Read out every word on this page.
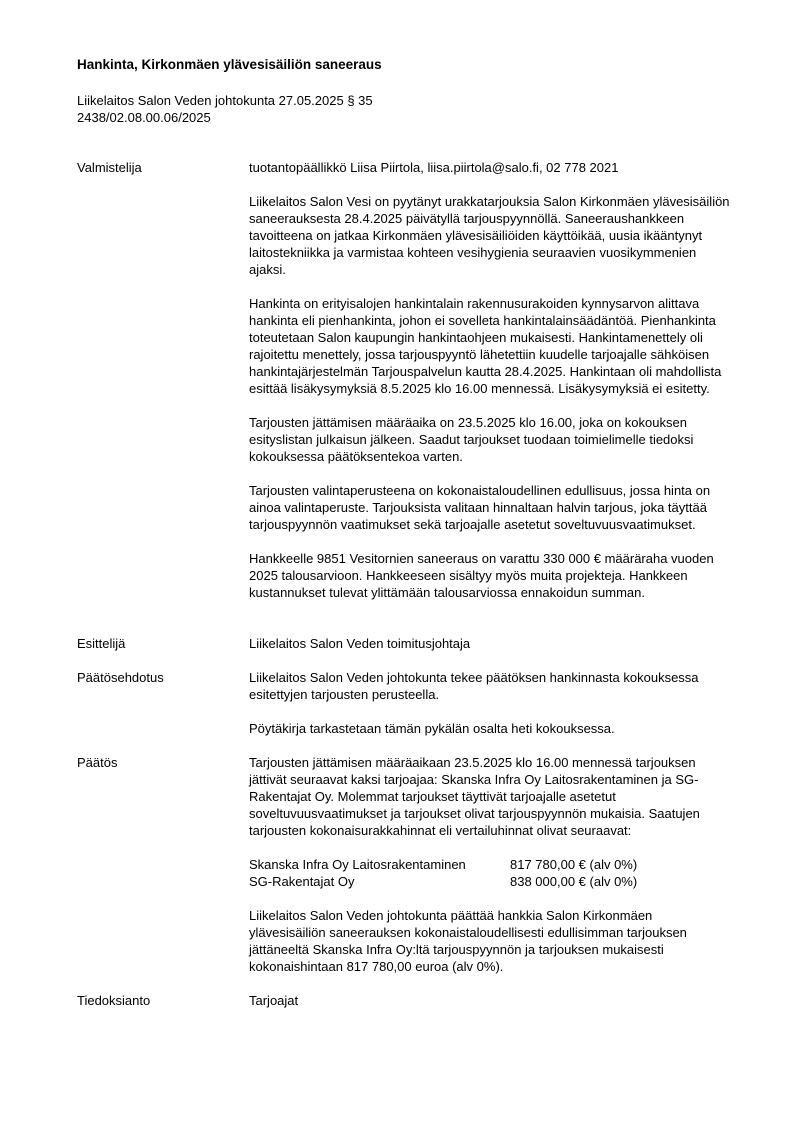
Hankinta, Kirkonmäen ylävesisäiliön saneeraus
Liikelaitos Salon Veden johtokunta 27.05.2025 § 35
2438/02.08.00.06/2025
Valmistelija	tuotantopäällikkö Liisa Piirtola, liisa.piirtola@salo.fi, 02 778 2021

Liikelaitos Salon Vesi on pyytänyt urakkatarjouksia Salon Kirkonmäen ylävesisäiliön saneerauksesta 28.4.2025 päivätyllä tarjouspyynnöllä. Saneeraushankkeen tavoitteena on jatkaa Kirkonmäen ylävesisäiliöiden käyttöikää, uusia ikääntynyt laitostekniikka ja varmistaa kohteen vesihygienia seuraavien vuosikymmenien ajaksi.

Hankinta on erityisalojen hankintalain rakennusurakoiden kynnysarvon alittava hankinta eli pienhankinta, johon ei sovelleta hankintalainsäädäntöä. Pienhankinta toteutetaan Salon kaupungin hankintaohjeen mukaisesti. Hankintamenettely oli rajoitettu menettely, jossa tarjouspyyntö lähetettiin kuudelle tarjoajalle sähköisen hankintajärjestelmän Tarjouspalvelun kautta 28.4.2025. Hankintaan oli mahdollista esittää lisäkysymyksiä 8.5.2025 klo 16.00 mennessä. Lisäkysymyksiä ei esitetty.

Tarjousten jättämisen määräaika on 23.5.2025 klo 16.00, joka on kokouksen esityslistan julkaisun jälkeen. Saadut tarjoukset tuodaan toimielimelle tiedoksi kokouksessa päätöksentekoa varten.

Tarjousten valintaperusteena on kokonaistaloudellinen edullisuus, jossa hinta on ainoa valintaperuste. Tarjouksista valitaan hinnaltaan halvin tarjous, joka täyttää tarjouspyynnön vaatimukset sekä tarjoajalle asetetut soveltuvuusvaatimukset.

Hankkeelle 9851 Vesitornien saneeraus on varattu 330 000 € määräraha vuoden 2025 talousarvioon. Hankkeeseen sisältyy myös muita projekteja. Hankkeen kustannukset tulevat ylittämään talousarviossa ennakoidun summan.

Esittelijä	Liikelaitos Salon Veden toimitusjohtaja
Päätösehdotus	Liikelaitos Salon Veden johtokunta tekee päätöksen hankinnasta kokouksessa esitettyjen tarjousten perusteella.

Pöytäkirja tarkastetaan tämän pykälän osalta heti kokouksessa.

Päätös	Tarjousten jättämisen määräaikaan 23.5.2025 klo 16.00 mennessä tarjouksen jättivät seuraavat kaksi tarjoajaa: Skanska Infra Oy Laitosrakentaminen ja SG-Rakentajat Oy. Molemmat tarjoukset täyttivät tarjoajalle asetetut soveltuvuusvaatimukset ja tarjoukset olivat tarjouspyynnön mukaisia. Saatujen tarjousten kokonaisurakkahinnat eli vertailuhinnat olivat seuraavat:

Skanska Infra Oy Laitosrakentaminen	817 780,00 € (alv 0%)
SG-Rakentajat Oy	838 000,00 € (alv 0%)

Liikelaitos Salon Veden johtokunta päättää hankkia Salon Kirkonmäen ylävesisäiliön saneerauksen kokonaistaloudellisesti edullisimman tarjouksen jättäneeltä Skanska Infra Oy:ltä tarjouspyynnön ja tarjouksen mukaisesti kokonaishintaan 817 780,00 euroa (alv 0%).

Tiedoksianto	Tarjoajat
